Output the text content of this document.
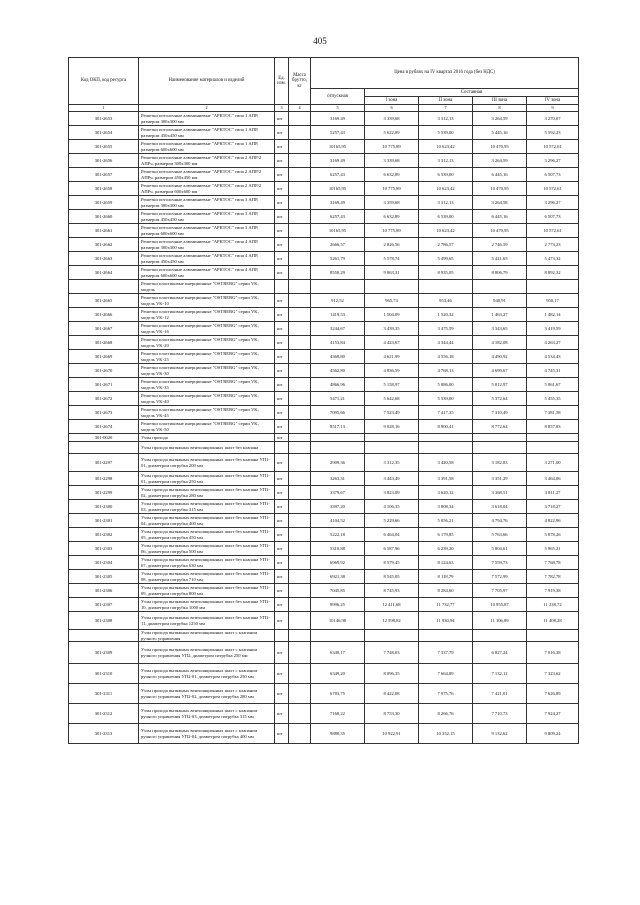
405
Код ОКП, код ресурса	Наименование материалов и изделий	Ед. изм.	Масса брутто, кг	Цена в рублях на IV квартал 2016 года (без НДС)				
				отпускная	Составная			
					I зона	II зона	III зона	IV зона
1	2	3	4	5	6	7	8	9
301-2653	Решетки потолочные алюминиевые "АРКТОС" типа 1 АПР, размером 300х300 мм	шт		3169.49	3 339,68	3 312,13	3 264,59	3 270,07
301-2654	Решетки потолочные алюминиевые "АРКТОС" типа 1 АПР, размером 450х450 мм	шт		5257,43	5 622,89	5 539,00	5 445,16	5 592,23
301-2655	Решетки потолочные алюминиевые "АРКТОС" типа 1 АПР, размером 600х600 мм	шт		10165,95	10 775,89	10 623,42	10 470,95	10 572,61
301-2656	Решетки потолочные алюминиевые "АРКТОС" типа 2 АПР/2 АПРч, размером 300х300 мм	шт		3169.49	3 339,68	3 312,13	3 264,59	3 296,27
301-2657	Решетки потолочные алюминиевые "АРКТОС" типа 2 АПР/2 АПРч, размером 450х450 мм	шт		6257,43	6 632,89	6 539,00	6 445,16	6 507,73
301-2658	Решетки потолочные алюминиевые "АРКТОС" типа 2 АПР/2 АПРч, размером 600х600 мм	шт		10165,95	10 775,89	10 623,42	10 470,95	10 572,61
301-2659	Решетки потолочные алюминиевые "АРКТОС" типа 3 АПР, размером 300х300 мм	шт		3169,49	3 359,68	3 312,13	3 264,58	3 296,27
301-2660	Решетки потолочные алюминиевые "АРКТОС" типа 3 АПР, размером 450х450 мм	шт		6257,43	6 632,89	6 539,00	6 445,16	6 507,73
301-2661	Решетки потолочные алюминиевые "АРКТОС" типа 3 АПР, размером 600х600 мм	шт		10165,95	10 775,89	10 623,42	10 470,95	10 572,61
301-2662	Решетки потолочные алюминиевые "АРКТОС" типа 4 АПР, размером 300х300 мм	шт		2666,57	2 826,56	2 786,57	2 746,59	2 773,23
301-2663	Решетки потолочные алюминиевые "АРКТОС" типа 4 АПР, размером 450х450 мм	шт		5261,79	5 578,74	5 499,65	5 421,65	5 473,32
301-2664	Решетки потолочные алюминиевые "АРКТОС" типа 4 АПР, размером 600х600 мм	шт		8550,29	9 063,31	8 935,05	8 806,79	8 892,32
	Решетки пластиковые инерционные "OSTBERG" серии VK, модель							
301-2665	Решетки пластиковые инерционные "OSTBERG" серии VK, модель VK-10	шт		912,52	965,74	953,46	940,91	950,17
301-2666	Решетки пластиковые инерционные "OSTBERG" серии VK, модель VK-12	шт		1419,53	1 504,09	1 520,32	1 463,27	1 482,14
301-2667	Решетки пластиковые инерционные "OSTBERG" серии VK, модель VK-16	шт		3244,67	3 439,35	3 475,59	3 343,65	3 419,59
301-2668	Решетки пластиковые инерционные "OSTBERG" серии VK, модель VK-20	шт		4153,84	4 423,67	4 344,44	4 182,08	4 263,27
301-2669	Решетки пластиковые инерционные "OSTBERG" серии VK, модель VK-25	шт		4369,80	4 621,99	4 556,18	4 490,92	4 534,43
301-2670	Решетки пластиковые инерционные "OSTBERG" серии VK, модель VK-30	шт		4562,80	4 836,59	4 768,13	4 699,67	4 745,31
301-2671	Решетки пластиковые инерционные "OSTBERG" серии VK, модель VK-35	шт		4866,96	5 158,97	5 086,00	5 012,97	5 061,67
301-2672	Решетки пластиковые инерционные "OSTBERG" серии VK, модель VK-40	шт		5471,21	5 642,68	5 539,00	5 372,64	5 455,35
301-2673	Решетки пластиковые инерционные "OSTBERG" серии VK, модель VK-45	шт		7095,66	7 523,49	7 417,35	7 310,49	7 381,58
301-2674	Решетки пластиковые инерционные "OSTBERG" серии VK, модель VK-50	шт		8517,13	9 028,16	8 900,41	8 772,64	8 857,83
301-0020	Узлы прохода	шт						
	Узлы прохода вытяжных вентиляционных шахт без клапана							
301-2297	Узлы прохода вытяжных вентиляционных шахт без клапана УП1-01, диаметром патрубка 200 мм	шт		2909,36	3 312,35	3 420,58	3 182,83	3 271,00
301-2298	Узлы прохода вытяжных вентиляционных шахт без клапана УП1-01, диаметром патрубка 250 мм	шт		3263,31	3 443,49	3 391,58	3 351,29	3 464,06
301-2299	Узлы прохода вытяжных вентиляционных шахт без клапана УП1-02, диаметром патрубка 280 мм	шт		3379,67	3 823,09	3 620,12	3 368,51	3 811,27
301-2300	Узлы прохода вытяжных вентиляционных шахт без клапана УП1-03, диаметром патрубка 315 мм	шт		3397,20	4 106,35	3 808,34	3 618,04	3 718,27
301-2301	Узлы прохода вытяжных вентиляционных шахт без клапана УП1-04, диаметром патрубка 400 мм	шт		4104,52	5 229,66	5 056,21	4 794,76	4 822,96
301-2302	Узлы прохода вытяжных вентиляционных шахт без клапана УП1-05, диаметром патрубка 450 мм	шт		5222,18	6 464,04	6 179,85	5 763,66	5 878,26
301-2303	Узлы прохода вытяжных вентиляционных шахт без клапана УП1-06, диаметром патрубка 500 мм	шт		5310,88	6 587,96	6 239,20	5 804,61	5 965,21
301-2304	Узлы прохода вытяжных вентиляционных шахт без клапана УП1-07, диаметром патрубка 630 мм	шт		6969,92	8 579,45	8 124,63	7 559,73	7 768,78
301-2305	Узлы прохода вытяжных вентиляционных шахт без клапана УП1-08, диаметром патрубка 710 мм	шт		6921,38	8 545,05	8 118,79	7 572,99	7 782,78
301-2306	Узлы прохода вытяжных вентиляционных шахт без клапана УП1-09, диаметром патрубка 800 мм	шт		7045,85	8 745,93	8 284,60	7 705,97	7 919,38
301-2307	Узлы прохода вытяжных вентиляционных шахт без клапана УП1-10, диаметром патрубка 1000 мм	шт		8996,25	12 411,68	11 732,77	10 955,87	11 238,72
301-2308	Узлы прохода вытяжных вентиляционных шахт без клапана УП1-11, диаметром патрубка 1250 мм	шт		10146,98	12 598,82	11 930,94	11 106,89	11 408,28
	Узлы прохода вытяжных вентиляционных шахт с клапаном ручного управления							
301-2309	Узлы прохода вытяжных вентиляционных шахт с клапаном ручного управления УП2, диаметром патрубка 250 мм	шт		6349,17	7 748,03	7 337,79	6 827,24	7 016,38
301-2310	Узлы прохода вытяжных вентиляционных шахт с клапаном ручного управления УП2-01, диаметром патрубка 250 мм	шт		6349,20	8 096,35	7 664,89	7 132,12	7 323,62
301-2311	Узлы прохода вытяжных вентиляционных шахт с клапаном ручного управления УП2-02, диаметром патрубка 280 мм	шт		6783,75	8 422,08	7 975,76	7 421,01	7 626,89
301-2312	Узлы прохода вытяжных вентиляционных шахт с клапаном ручного управления УП2-03, диаметром патрубка 315 мм	шт		7168,22	8 753,30	8 266,76	7 710,73	7 924,27
301-2313	Узлы прохода вытяжных вентиляционных шахт с клапаном ручного управления УП2-04, диаметром патрубка 400 мм	шт		9880,35	10 922,91	10 352,15	9 132,62	9 809,24
